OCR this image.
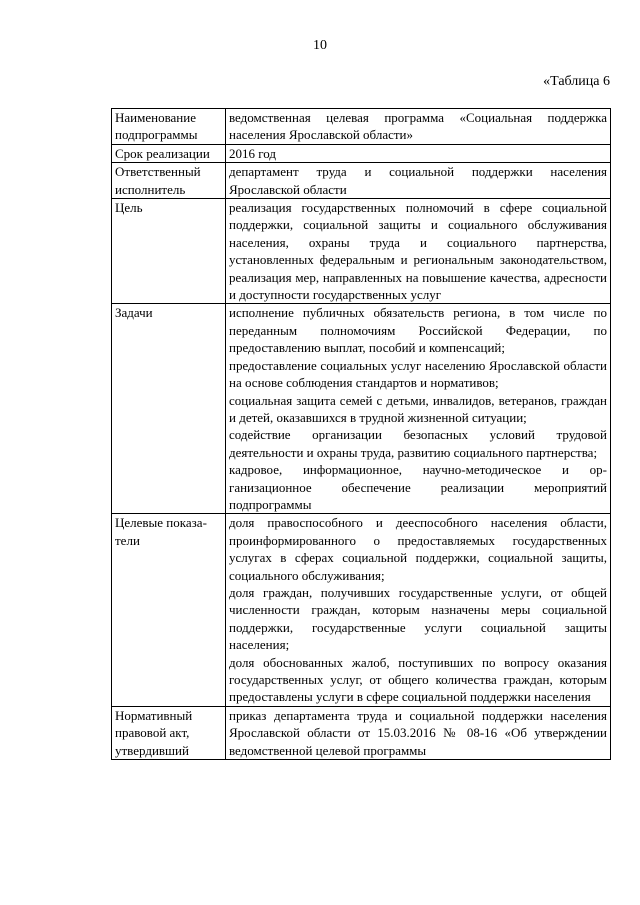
10
«Таблица 6
Наименование подпрограммы	ведомственная целевая программа «Социальная поддержка населения Ярославской области»

Срок реализации	2016 год

Ответственный исполнитель	департамент труда и социальной поддержки населения Ярославской области

Цель	реализация государственных полномочий в сфере социальной поддержки, социальной защиты и социального обслуживания населения, охраны труда и социального партнерства, установленных федеральным и региональным законодательством, реализация мер, направленных на повышение качества, адресности и доступности государственных услуг

Задачи	исполнение публичных обязательств региона, в том числе по переданным полномочиям Российской Федерации, по предоставлению выплат, пособий и компенсаций;
предоставление социальных услуг населению Ярославской области на основе соблюдения стандартов и нормативов;
социальная защита семей с детьми, инвалидов, ветеранов, граждан и детей, оказавшихся в трудной жизненной ситуации;
содействие организации безопасных условий трудовой деятельности и охраны труда, развитию социального партнерства;
кадровое, информационное, научно-методическое и организационное обеспечение реализации мероприятий подпрограммы

Целевые показатели	доля правоспособного и дееспособного населения области, проинформированного о предоставляемых государственных услугах в сферах социальной поддержки, социальной защиты, социального обслуживания;
доля граждан, получивших государственные услуги, от общей численности граждан, которым назначены меры социальной поддержки, государственные услуги социальной защиты населения;
доля обоснованных жалоб, поступивших по вопросу оказания государственных услуг, от общего количества граждан, которым предоставлены услуги в сфере социальной поддержки населения

Нормативный правовой акт, утвердивший	приказ департамента труда и социальной поддержки населения Ярославской области от 15.03.2016 № 08-16 «Об утверждении ведомственной целевой программы
